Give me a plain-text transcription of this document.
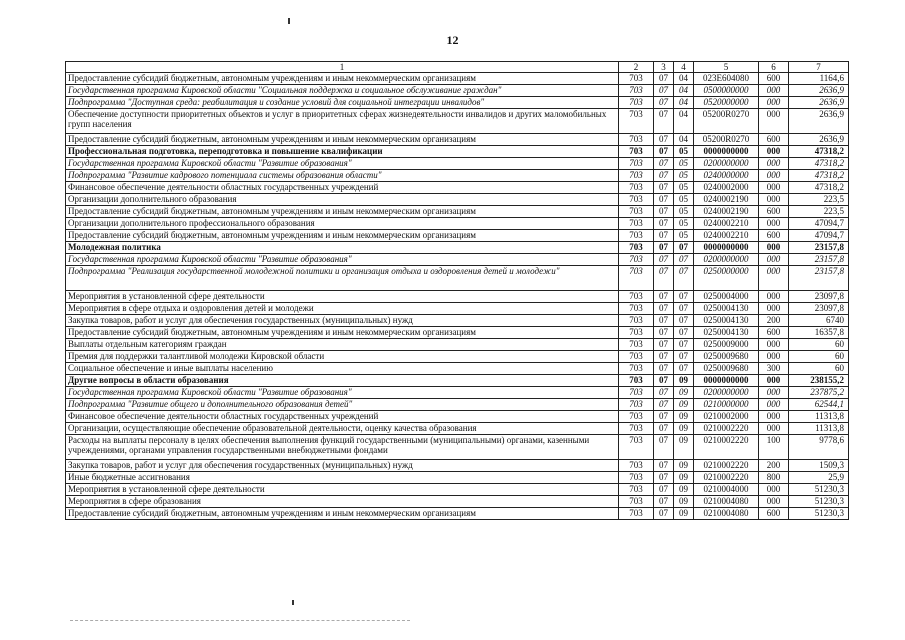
12
1	2	3	4	5	6	7
Предоставление субсидий бюджетным, автономным учреждениям и иным некоммерческим организациям	703	07	04	023E604080	600	1164,6
Государственная программа Кировской области "Социальная поддержка и социальное обслуживание граждан"	703	07	04	0500000000	000	2636,9
Подпрограмма "Доступная среда: реабилитация и создание условий для социальной интеграции инвалидов"	703	07	04	0520000000	000	2636,9
Обеспечение доступности приоритетных объектов и услуг в приоритетных сферах жизнедеятельности инвалидов и других маломобильных групп населения	703	07	04	05200R0270	000	2636,9
Предоставление субсидий бюджетным, автономным учреждениям и иным некоммерческим организациям	703	07	04	05200R0270	600	2636,9
Профессиональная подготовка, переподготовка и повышение квалификации	703	07	05	0000000000	000	47318,2
Государственная программа Кировской области "Развитие образования"	703	07	05	0200000000	000	47318,2
Подпрограмма "Развитие кадрового потенциала системы образования области"	703	07	05	0240000000	000	47318,2
Финансовое обеспечение деятельности областных государственных учреждений	703	07	05	0240002000	000	47318,2
Организации дополнительного образования	703	07	05	0240002190	000	223,5
Предоставление субсидий бюджетным, автономным учреждениям и иным некоммерческим организациям	703	07	05	0240002190	600	223,5
Организации дополнительного профессионального образования	703	07	05	0240002210	000	47094,7
Предоставление субсидий бюджетным, автономным учреждениям и иным некоммерческим организациям	703	07	05	0240002210	600	47094,7
Молодежная политика	703	07	07	0000000000	000	23157,8
Государственная программа Кировской области "Развитие образования"	703	07	07	0200000000	000	23157,8
Подпрограмма "Реализация государственной молодежной политики и организация отдыха и оздоровления детей и молодежи"	703	07	07	0250000000	000	23157,8
Мероприятия в установленной сфере деятельности	703	07	07	0250004000	000	23097,8
Мероприятия в сфере отдыха и оздоровления детей и молодежи	703	07	07	0250004130	000	23097,8
Закупка товаров, работ и услуг для обеспечения государственных (муниципальных) нужд	703	07	07	0250004130	200	6740
Предоставление субсидий бюджетным, автономным учреждениям и иным некоммерческим организациям	703	07	07	0250004130	600	16357,8
Выплаты отдельным категориям граждан	703	07	07	0250009000	000	60
Премия для поддержки талантливой молодежи Кировской области	703	07	07	0250009680	000	60
Социальное обеспечение и иные выплаты населению	703	07	07	0250009680	300	60
Другие вопросы в области образования	703	07	09	0000000000	000	238155,2
Государственная программа Кировской области "Развитие образования"	703	07	09	0200000000	000	237875,2
Подпрограмма "Развитие общего и дополнительного образования детей"	703	07	09	0210000000	000	62544,1
Финансовое обеспечение деятельности областных государственных учреждений	703	07	09	0210002000	000	11313,8
Организации, осуществляющие обеспечение образовательной деятельности, оценку качества образования	703	07	09	0210002220	000	11313,8
Расходы на выплаты персоналу в целях обеспечения выполнения функций государственными (муниципальными) органами, казенными учреждениями, органами управления государственными внебюджетными фондами	703	07	09	0210002220	100	9778,6
Закупка товаров, работ и услуг для обеспечения государственных (муниципальных) нужд	703	07	09	0210002220	200	1509,3
Иные бюджетные ассигнования	703	07	09	0210002220	800	25,9
Мероприятия в установленной сфере деятельности	703	07	09	0210004000	000	51230,3
Мероприятия в сфере образования	703	07	09	0210004080	000	51230,3
Предоставление субсидий бюджетным, автономным учреждениям и иным некоммерческим организациям	703	07	09	0210004080	600	51230,3
